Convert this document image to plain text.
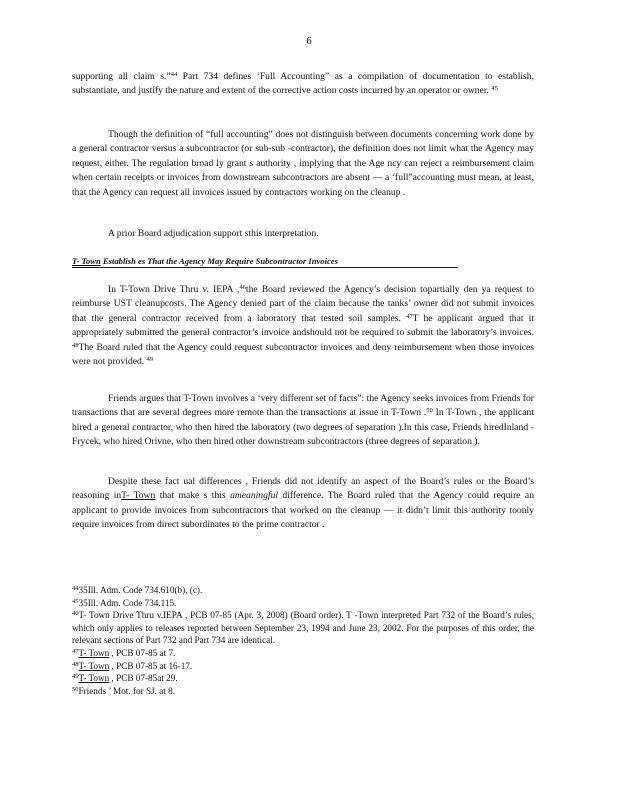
6

supporting all claim s.”$^{44}$ Part 734 defines ‘Full Accounting” as a compilation of documentation to establish, substantiate, and justify the nature and extent of the corrective action costs incurred by an operator or owner. $^{45}$

Though the definition of “full accounting” does not distinguish between documents concerning work done by a general contractor versus a subcontractor (or sub-sub -contractor), the definition does not limit what the Agency may request, either. The regulation broad ly grant s authority , implying that the Age ncy can reject a reimbursement claim when certain receipts or invoices from downstream subcontractors are absent — a ‘full”accounting must mean, at least, that the Agency can request all invoices issued by contractors working on the cleanup .

A prior Board adjudication support sthis interpretation.

T- Town Establish es That the Agency May Require Subcontractor Invoices

In T-Town Drive Thru v. IEPA ,$^{46}$the Board reviewed the Agency’s decision topartially den ya request to reimburse UST cleanupcosts. The Agency denied part of the claim because the tanks’ owner did not submit invoices that the general contractor received from a laboratory that tested soil samples. $^{47}$T he applicant argued that it appropriately submitted the general contractor’s invoice andshould not be required to submit the laboratory’s invoices. $^{48}$The Board ruled that the Agency could request subcontractor invoices and deny reimbursement when those invoices were not provided. $^{49}$

Friends argues that T-Town involves a ‘very different set of facts”: the Agency seeks invoices from Friends for transactions that are several degrees more remote than the transactions at issue in T-Town .$^{50}$ In T-Town , the applicant hired a general contractor, who then hired the laboratory (two degrees of separation ).In this case, Friends hiredInland -Frycek, who hired Orivne, who then hired other downstream subcontractors (three degrees of separation ).

Despite these fact ual differences , Friends did not identify an aspect of the Board’s rules or the Board’s reasoning inT- Town that make s this ameaningful difference. The Board ruled that the Agency could require an applicant to provide invoices from subcontractors that worked on the cleanup — it didn’t limit this authority toonly require invoices from direct subordinates to the prime contractor .

$^{44}$35Ill. Adm. Code 734.610(b), (c).

$^{45}$35Ill. Adm. Code 734.115.

$^{46}$T- Town Drive Thru v.IEPA , PCB 07-85 (Apr. 3, 2008) (Board order). T -Town interpreted Part 732 of the Board’s rules, which only applies to releases reported between September 23, 1994 and June 23, 2002. For the purposes of this order, the relevant sections of Part 732 and Part 734 are identical.

$^{47}$T- Town , PCB 07-85 at 7.

$^{48}$T- Town , PCB 07-85 at 16-17.

$^{49}$T- Town , PCB 07-85at 29.

$^{50}$Friends ’ Mot. for SJ. at 8.
